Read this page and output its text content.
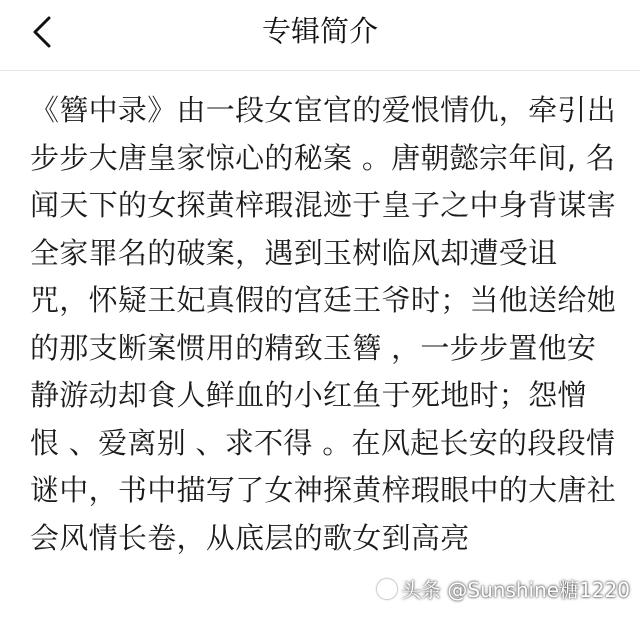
专辑简介
《簪中录》由一段女宦官的爱恨情仇，牵引出
步步大唐皇家惊心的秘案 。唐朝懿宗年间, 名
闻天下的女探黄梓瑕混迹于皇子之中身背谋害
全家罪名的破案，遇到玉树临风却遭受诅
咒，怀疑王妃真假的宫廷王爷时；当他送给她
的那支断案惯用的精致玉簪 ，一步步置他安
静游动却食人鲜血的小红鱼于死地时；怨憎
恨 、爱离别 、求不得 。在风起长安的段段情
谜中，书中描写了女神探黄梓瑕眼中的大唐社
会风情长卷，从底层的歌女到高亮
头条 @Sunshine糖1220
